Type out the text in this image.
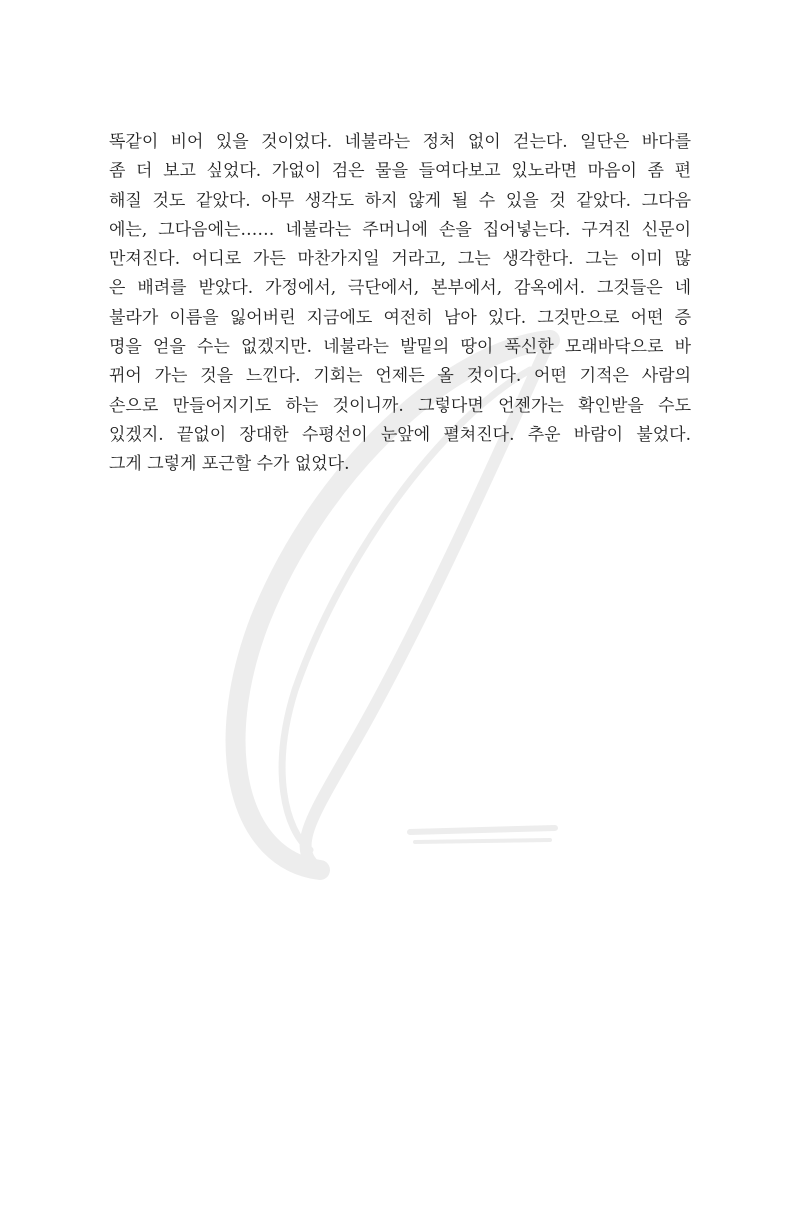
똑같이 비어 있을 것이었다. 네불라는 정처 없이 걷는다. 일단은 바다를
좀 더 보고 싶었다. 가없이 검은 물을 들여다보고 있노라면 마음이 좀 편
해질 것도 같았다. 아무 생각도 하지 않게 될 수 있을 것 같았다. 그다음
에는, 그다음에는…… 네불라는 주머니에 손을 집어넣는다. 구겨진 신문이
만져진다. 어디로 가든 마찬가지일 거라고, 그는 생각한다. 그는 이미 많
은 배려를 받았다. 가정에서, 극단에서, 본부에서, 감옥에서. 그것들은 네
불라가 이름을 잃어버린 지금에도 여전히 남아 있다. 그것만으로 어떤 증
명을 얻을 수는 없겠지만. 네불라는 발밑의 땅이 푹신한 모래바닥으로 바
뀌어 가는 것을 느낀다. 기회는 언제든 올 것이다. 어떤 기적은 사람의
손으로 만들어지기도 하는 것이니까. 그렇다면 언젠가는 확인받을 수도
있겠지. 끝없이 장대한 수평선이 눈앞에 펼쳐진다. 추운 바람이 불었다.
그게 그렇게 포근할 수가 없었다.
